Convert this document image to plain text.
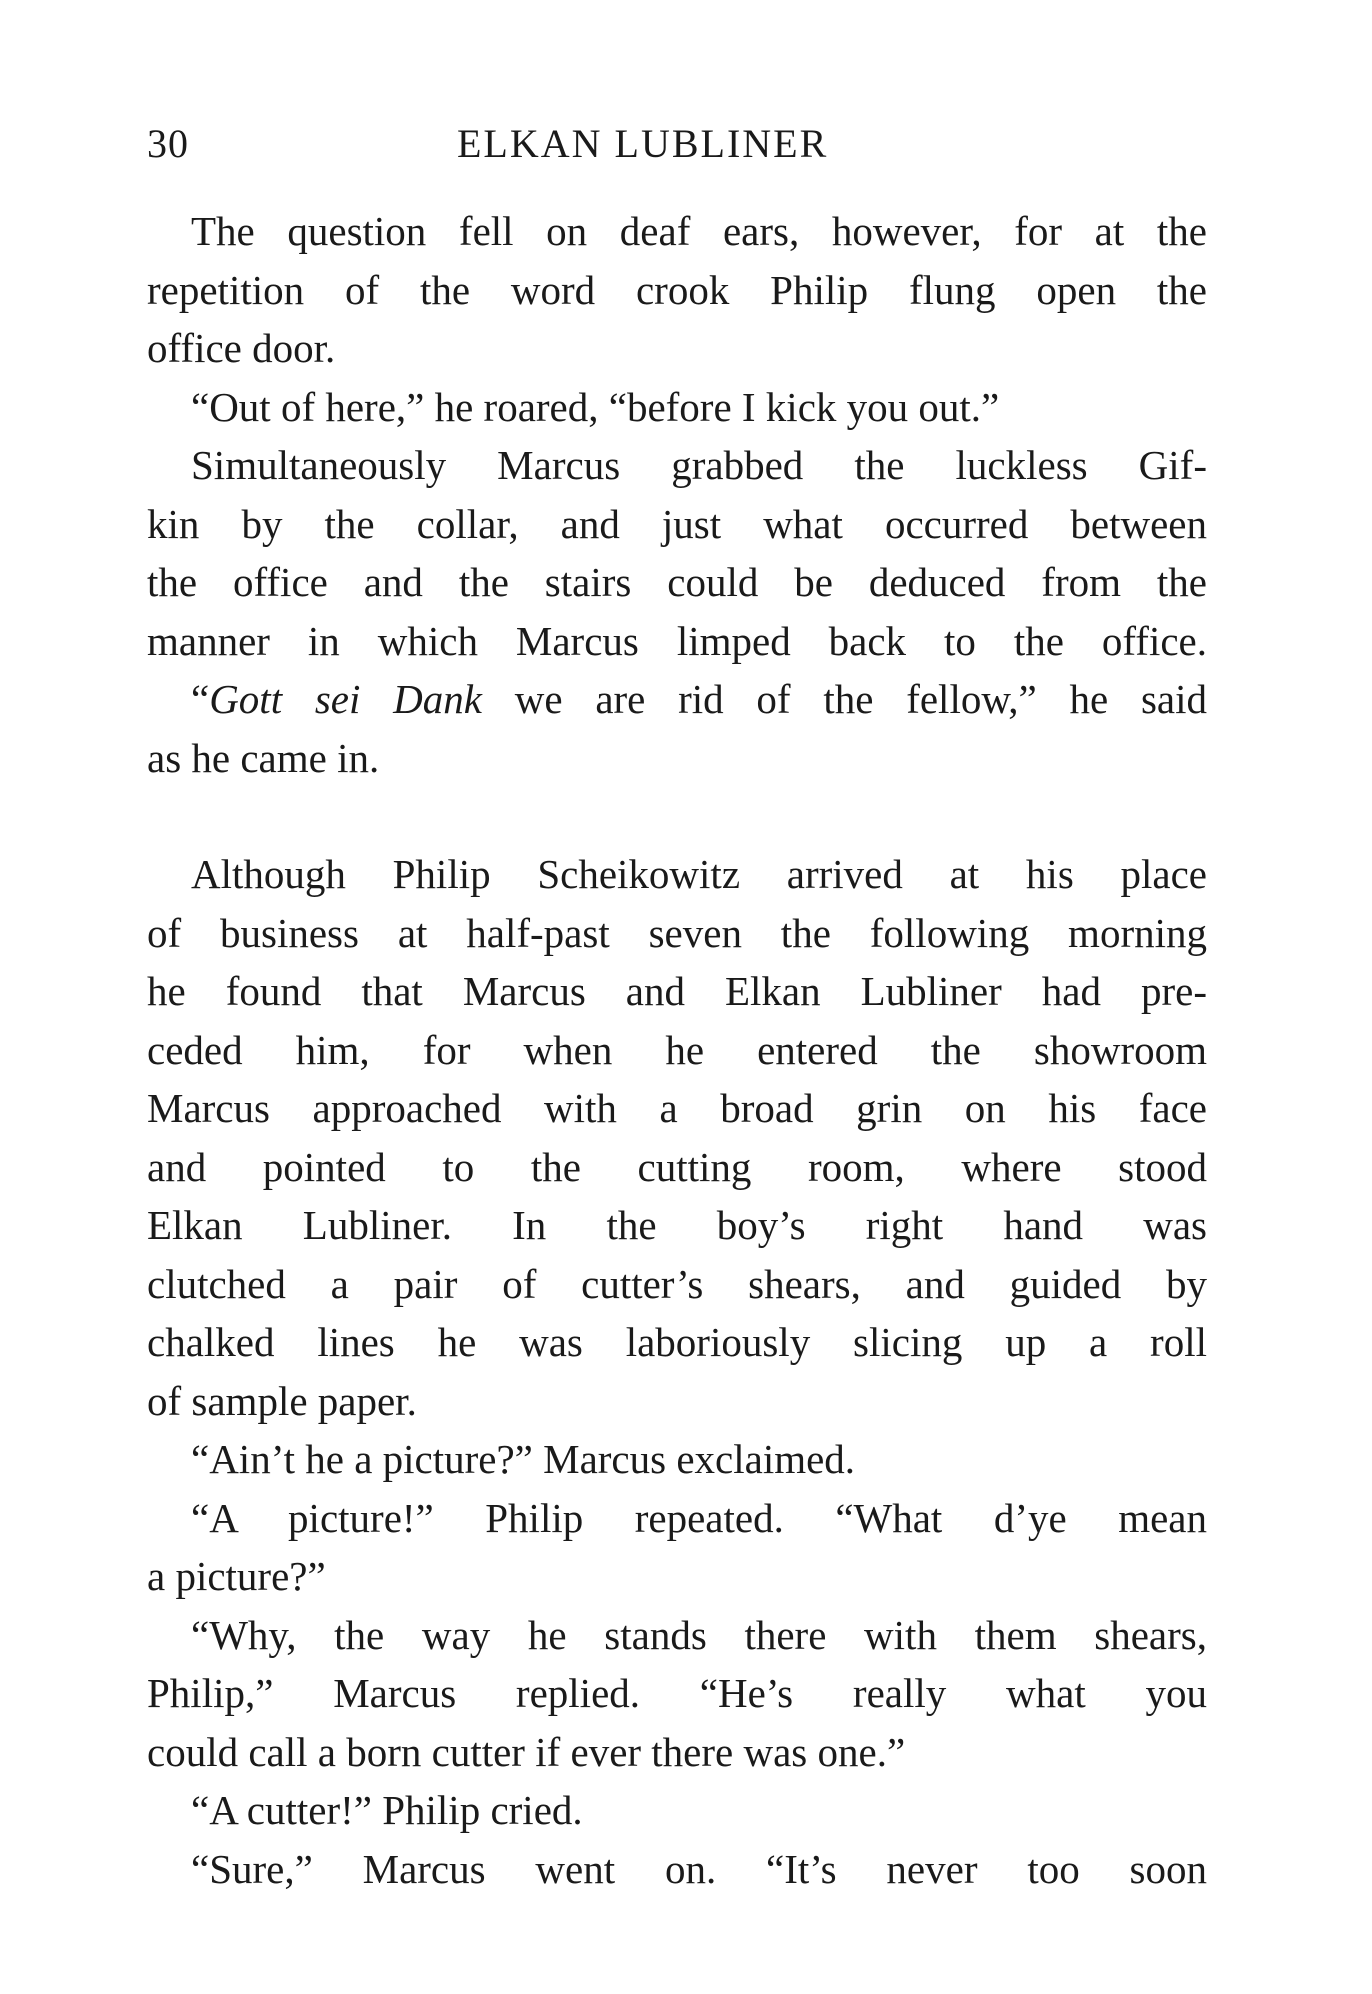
30	ELKAN LUBLINER
The question fell on deaf ears, however, for at the
repetition of the word crook Philip flung open the
office door.
“Out of here,” he roared, “before I kick you out.”
Simultaneously Marcus grabbed the luckless Gif-
kin by the collar, and just what occurred between
the office and the stairs could be deduced from the
manner in which Marcus limped back to the office.
“Gott sei Dank we are rid of the fellow,” he said
as he came in.
Although Philip Scheikowitz arrived at his place
of business at half-past seven the following morning
he found that Marcus and Elkan Lubliner had pre-
ceded him, for when he entered the showroom
Marcus approached with a broad grin on his face
and pointed to the cutting room, where stood
Elkan Lubliner. In the boy’s right hand was
clutched a pair of cutter’s shears, and guided by
chalked lines he was laboriously slicing up a roll
of sample paper.
“Ain’t he a picture?” Marcus exclaimed.
“A picture!” Philip repeated. “What d’ye mean
a picture?”
“Why, the way he stands there with them shears,
Philip,” Marcus replied. “He’s really what you
could call a born cutter if ever there was one.”
“A cutter!” Philip cried.
“Sure,” Marcus went on. “It’s never too soon
